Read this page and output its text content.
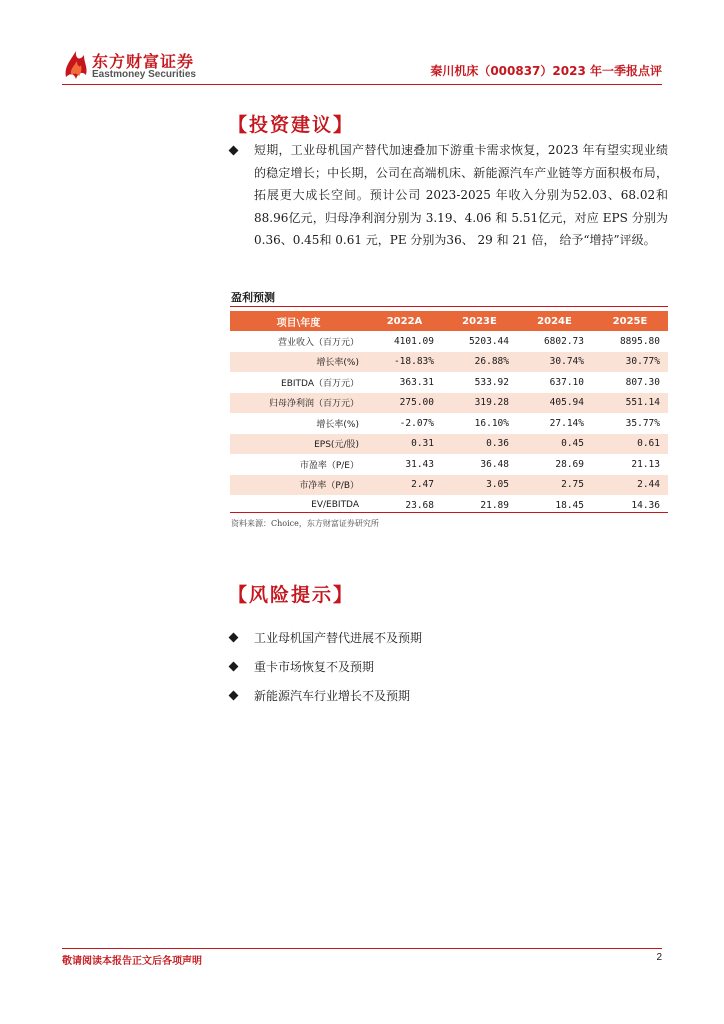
东方财富证券
Eastmoney Securities	秦川机床（000837）2023 年一季报点评
【投资建议】
短期，工业母机国产替代加速叠加下游重卡需求恢复，2023 年有望实现业绩的稳定增长；中长期，公司在高端机床、新能源汽车产业链等方面积极布局，拓展更大成长空间。预计公司 2023-2025 年收入分别为52.03、68.02和 88.96亿元，归母净利润分别为 3.19、4.06 和 5.51亿元，对应 EPS 分别为 0.36、0.45和 0.61 元，PE 分别为36、 29 和 21 倍， 给予“增持”评级。
盈利预测
项目\年度	2022A	2023E	2024E	2025E
营业收入（百万元）	4101.09	5203.44	6802.73	8895.80
增长率(%)	-18.83%	26.88%	30.74%	30.77%
EBITDA（百万元）	363.31	533.92	637.10	807.30
归母净利润（百万元）	275.00	319.28	405.94	551.14
增长率(%)	-2.07%	16.10%	27.14%	35.77%
EPS(元/股)	0.31	0.36	0.45	0.61
市盈率（P/E）	31.43	36.48	28.69	21.13
市净率（P/B）	2.47	3.05	2.75	2.44
EV/EBITDA	23.68	21.89	18.45	14.36
资料来源：Choice，东方财富证券研究所
【风险提示】
工业母机国产替代进展不及预期
重卡市场恢复不及预期
新能源汽车行业增长不及预期
敬请阅读本报告正文后各项声明	2
